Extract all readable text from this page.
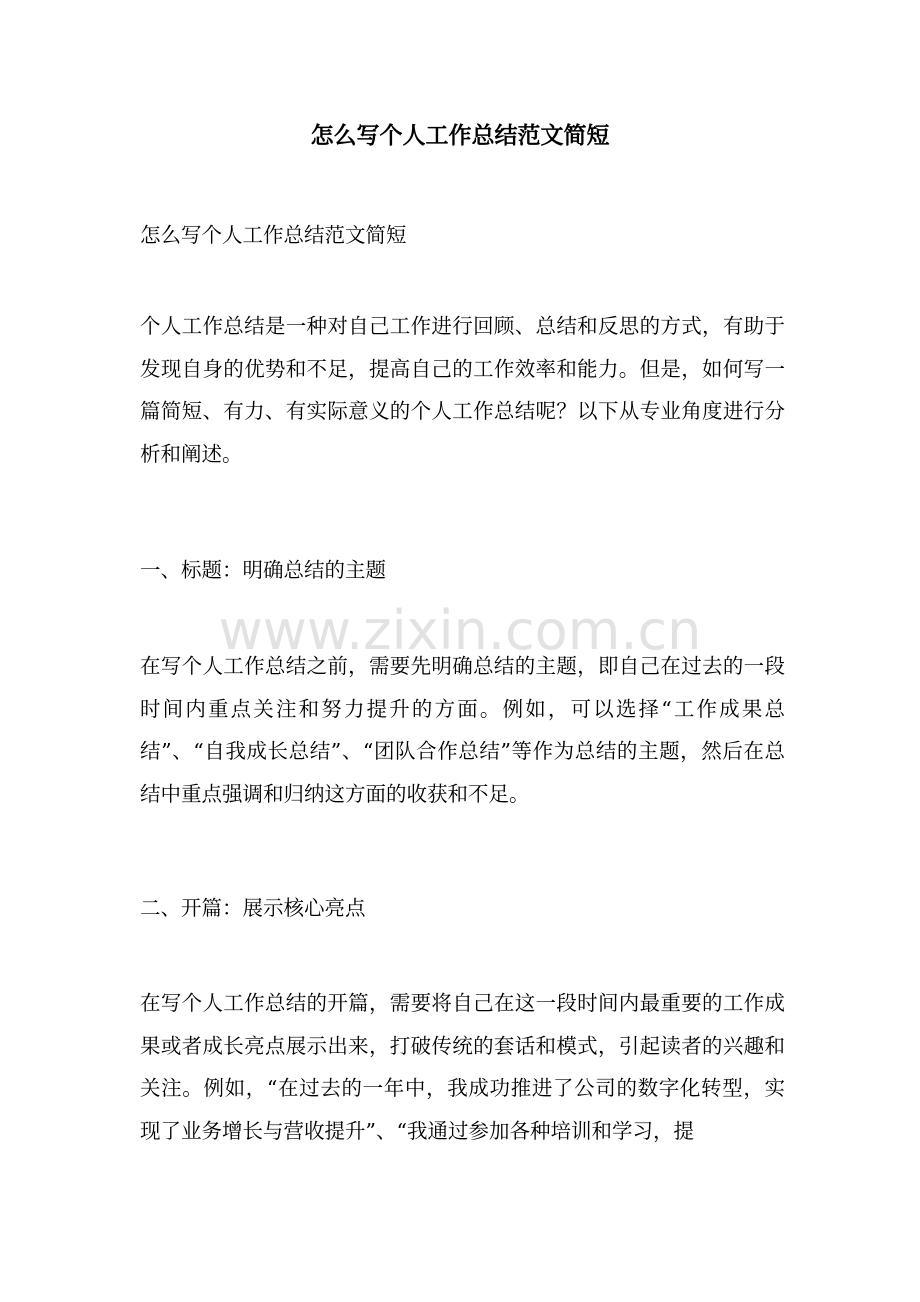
怎么写个人工作总结范文简短

怎么写个人工作总结范文简短

个人工作总结是一种对自己工作进行回顾、总结和反思的方式，有助于发现自身的优势和不足，提高自己的工作效率和能力。但是，如何写一篇简短、有力、有实际意义的个人工作总结呢？以下从专业角度进行分析和阐述。

一、标题：明确总结的主题

在写个人工作总结之前，需要先明确总结的主题，即自己在过去的一段时间内重点关注和努力提升的方面。例如，可以选择“工作成果总结”、“自我成长总结”、“团队合作总结”等作为总结的主题，然后在总结中重点强调和归纳这方面的收获和不足。

二、开篇：展示核心亮点

在写个人工作总结的开篇，需要将自己在这一段时间内最重要的工作成果或者成长亮点展示出来，打破传统的套话和模式，引起读者的兴趣和关注。例如，“在过去的一年中，我成功推进了公司的数字化转型，实现了业务增长与营收提升”、“我通过参加各种培训和学习，提

www.zixin.com.cn
